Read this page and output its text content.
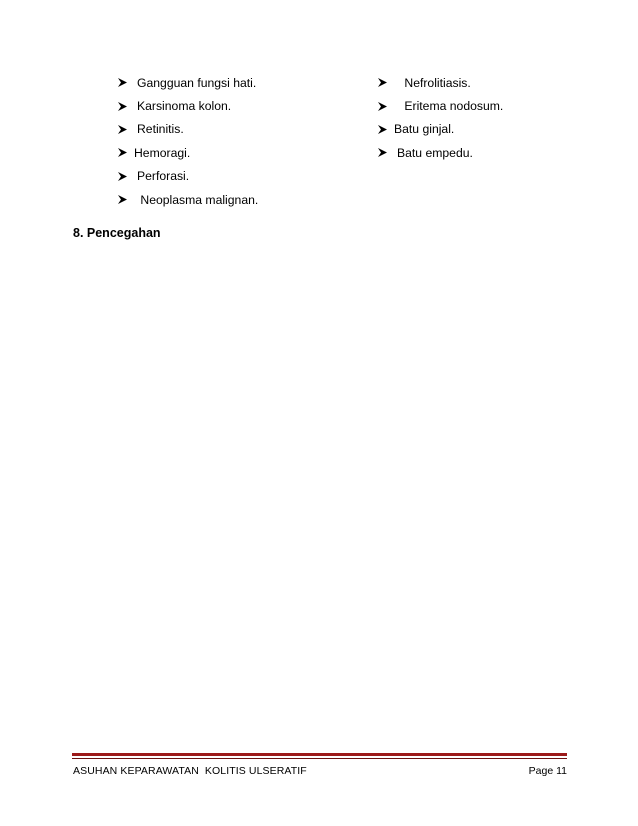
Gangguan fungsi hati.
Karsinoma kolon.
Retinitis.
Hemoragi.
Perforasi.
Neoplasma malignan.
Nefrolitiasis.
Eritema nodosum.
Batu ginjal.
Batu empedu.
8. Pencegahan
ASUHAN KEPARAWATAN  KOLITIS ULSERATIF	Page 11
